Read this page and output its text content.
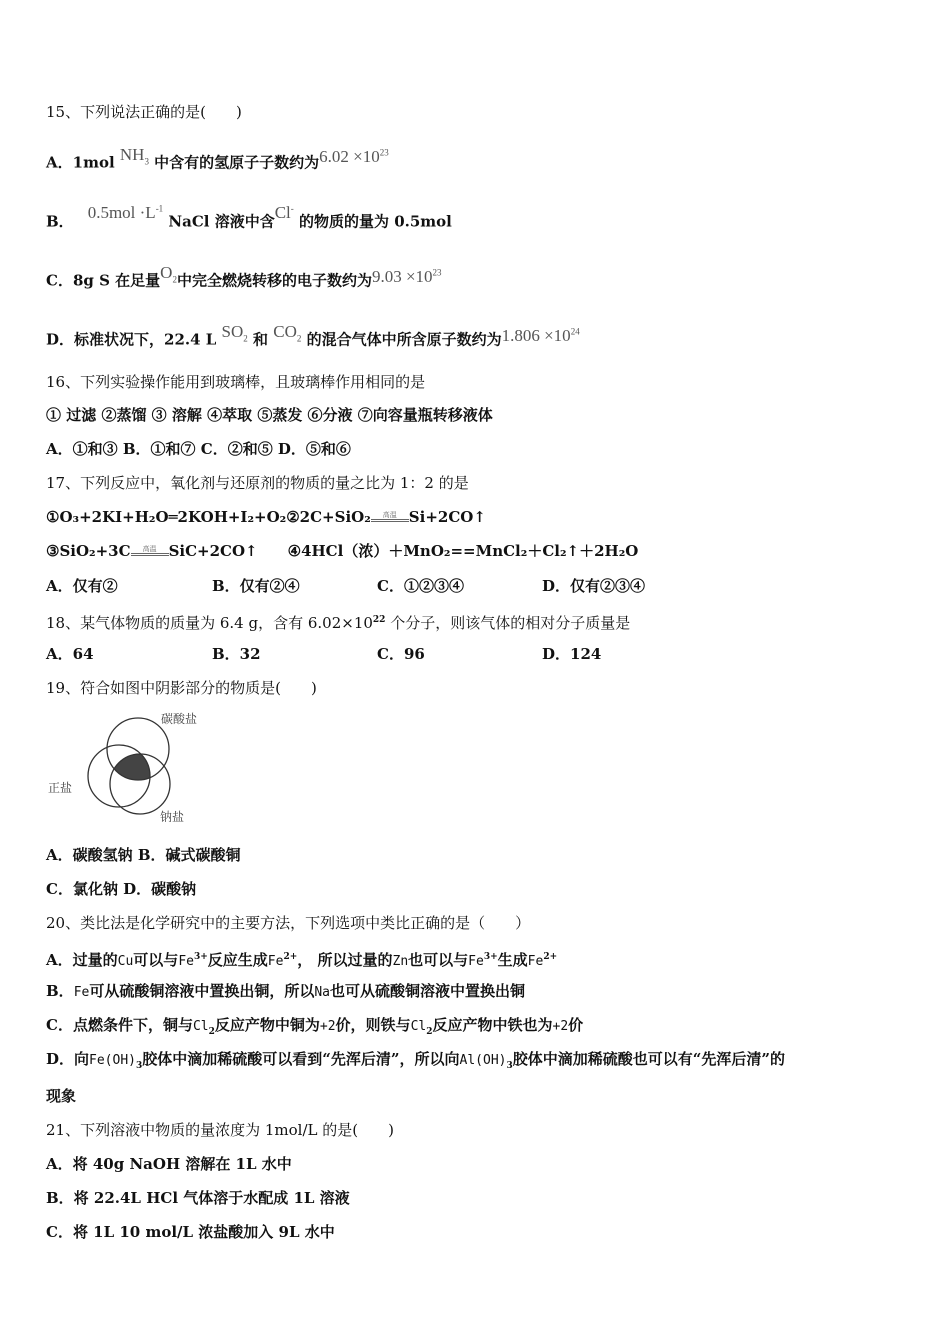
15、下列说法正确的是(　　)
A．1mol $NH_3$ 中含有的氢原子子数约为$6.02 \times 10^{23}$
B． $0.5mol \cdot L^{-1}$ NaCl 溶液中含Cl- 的物质的量为 0.5mol
C．8g S 在足量$O_2$中完全燃烧转移的电子数约为$9.03 \times 10^{23}$
D．标准状况下，22.4 L $SO_2$ 和 $CO_2$ 的混合气体中所含原子数约为$1.806 \times 10^{24}$
16、下列实验操作能用到玻璃棒，且玻璃棒作用相同的是
① 过滤 ②蒸馏 ③ 溶解 ④萃取 ⑤蒸发 ⑥分液 ⑦向容量瓶转移液体
A．①和③ B．①和⑦ C．②和⑤ D．⑤和⑥
17、下列反应中，氧化剂与还原剂的物质的量之比为 1：2 的是
①O₃+2KI+H₂O═2KOH+I₂+O₂②2C+SiO₂	高温 Si+2CO↑
③SiO₂+3C	高温 SiC+2CO↑ ④4HCl（浓）＋MnO₂==MnCl₂＋Cl₂↑＋2H₂O
A．仅有②	B．仅有②④	C．①②③④	D．仅有②③④
18、某气体物质的质量为 6.4 g，含有 $6.02\times 10^{22}$ 个分子，则该气体的相对分子质量是
A．64	B．32	C．96	D．124
19、符合如图中阴影部分的物质是(　　)
碳酸盐
正盐
钠盐
A．碳酸氢钠 B．碱式碳酸铜
C．氯化钠 D．碳酸钠
20、类比法是化学研究中的主要方法，下列选项中类比正确的是（　　）
A．过量的Cu可以与$Fe^{3+}$反应生成$Fe^{2+}$， 所以过量的Zn也可以与$Fe^{3+}$生成$Fe^{2+}$
B．Fe可从硫酸铜溶液中置换出铜，所以Na也可从硫酸铜溶液中置换出铜
C．点燃条件下，铜与$Cl_2$反应产物中铜为+2价，则铁与$Cl_2$反应产物中铁也为+2价
D．向$Fe(OH)_3$胶体中滴加稀硫酸可以看到“先浑后清”，所以向$Al(OH)_3$胶体中滴加稀硫酸也可以有“先浑后清”的
现象
21、下列溶液中物质的量浓度为 1mol/L 的是(　　)
A．将 40g NaOH 溶解在 1L 水中
B．将 22.4L HCl 气体溶于水配成 1L 溶液
C．将 1L 10 mol/L 浓盐酸加入 9L 水中
